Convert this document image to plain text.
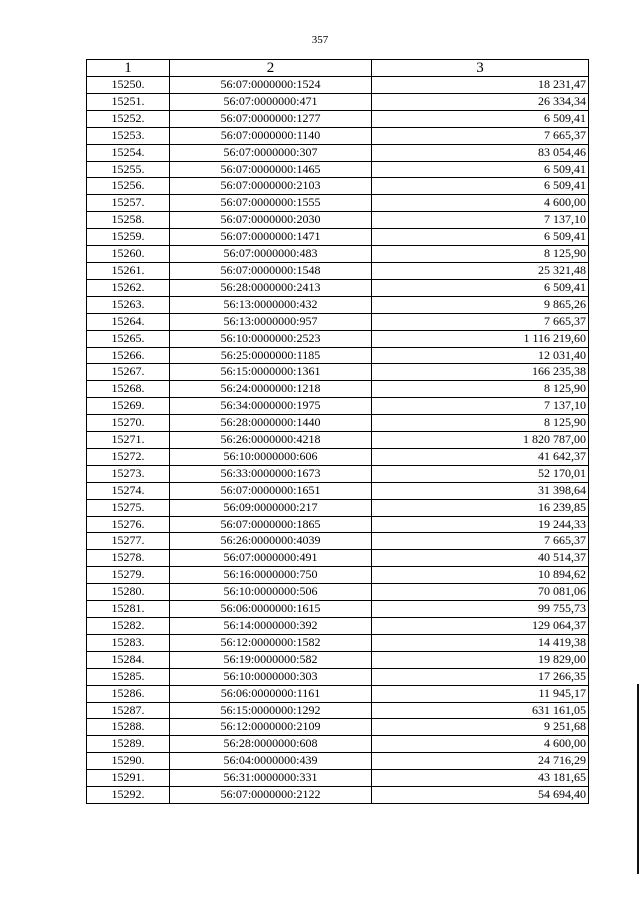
357
1	2	3
15250.	56:07:0000000:1524	18 231,47
15251.	56:07:0000000:471	26 334,34
15252.	56:07:0000000:1277	6 509,41
15253.	56:07:0000000:1140	7 665,37
15254.	56:07:0000000:307	83 054,46
15255.	56:07:0000000:1465	6 509,41
15256.	56:07:0000000:2103	6 509,41
15257.	56:07:0000000:1555	4 600,00
15258.	56:07:0000000:2030	7 137,10
15259.	56:07:0000000:1471	6 509,41
15260.	56:07:0000000:483	8 125,90
15261.	56:07:0000000:1548	25 321,48
15262.	56:28:0000000:2413	6 509,41
15263.	56:13:0000000:432	9 865,26
15264.	56:13:0000000:957	7 665,37
15265.	56:10:0000000:2523	1 116 219,60
15266.	56:25:0000000:1185	12 031,40
15267.	56:15:0000000:1361	166 235,38
15268.	56:24:0000000:1218	8 125,90
15269.	56:34:0000000:1975	7 137,10
15270.	56:28:0000000:1440	8 125,90
15271.	56:26:0000000:4218	1 820 787,00
15272.	56:10:0000000:606	41 642,37
15273.	56:33:0000000:1673	52 170,01
15274.	56:07:0000000:1651	31 398,64
15275.	56:09:0000000:217	16 239,85
15276.	56:07:0000000:1865	19 244,33
15277.	56:26:0000000:4039	7 665,37
15278.	56:07:0000000:491	40 514,37
15279.	56:16:0000000:750	10 894,62
15280.	56:10:0000000:506	70 081,06
15281.	56:06:0000000:1615	99 755,73
15282.	56:14:0000000:392	129 064,37
15283.	56:12:0000000:1582	14 419,38
15284.	56:19:0000000:582	19 829,00
15285.	56:10:0000000:303	17 266,35
15286.	56:06:0000000:1161	11 945,17
15287.	56:15:0000000:1292	631 161,05
15288.	56:12:0000000:2109	9 251,68
15289.	56:28:0000000:608	4 600,00
15290.	56:04:0000000:439	24 716,29
15291.	56:31:0000000:331	43 181,65
15292.	56:07:0000000:2122	54 694,40
